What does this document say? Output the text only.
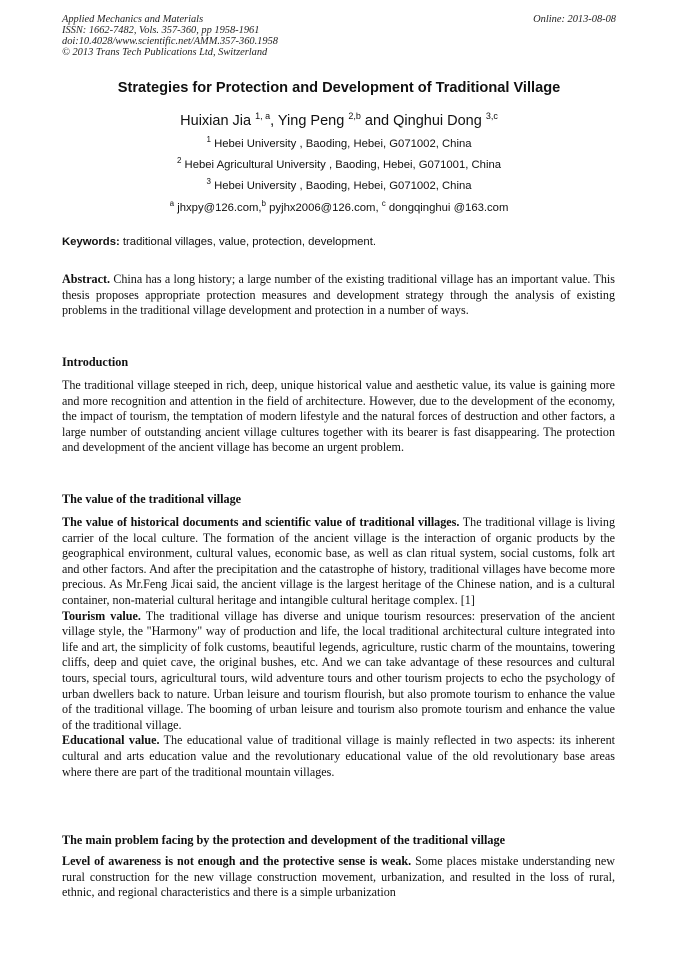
Applied Mechanics and Materials
ISSN: 1662-7482, Vols. 357-360, pp 1958-1961
doi:10.4028/www.scientific.net/AMM.357-360.1958
© 2013 Trans Tech Publications Ltd, Switzerland
Online: 2013-08-08
Strategies for Protection and Development of Traditional Village
Huixian Jia $^{1, a}$, Ying Peng $^{2,b}$ and Qinghui Dong $^{3,c}$
$^1$ Hebei University , Baoding, Hebei, G071002, China
$^2$ Hebei Agricultural University , Baoding, Hebei, G071001, China
$^3$ Hebei University , Baoding, Hebei, G071002, China
$^a$ jhxpy@126.com,$^b$ pyjhx2006@126.com, $^c$ dongqinghui @163.com
Keywords: traditional villages, value, protection, development.
Abstract. China has a long history; a large number of the existing traditional village has an important value. This thesis proposes appropriate protection measures and development strategy through the analysis of existing problems in the traditional village development and protection in a number of ways.
Introduction
The traditional village steeped in rich, deep, unique historical value and aesthetic value, its value is gaining more and more recognition and attention in the field of architecture. However, due to the development of the economy, the impact of tourism, the temptation of modern lifestyle and the natural forces of destruction and other factors, a large number of outstanding ancient village cultures together with its bearer is fast disappearing. The protection and development of the ancient village has become an urgent problem.
The value of the traditional village
The value of historical documents and scientific value of traditional villages. The traditional village is living carrier of the local culture. The formation of the ancient village is the interaction of organic products by the geographical environment, cultural values, economic base, as well as clan ritual system, social customs, folk art and other factors. And after the precipitation and the catastrophe of history, traditional villages have become more precious. As Mr.Feng Jicai said, the ancient village is the largest heritage of the Chinese nation, and is a cultural container, non-material cultural heritage and intangible cultural heritage complex. [1]
Tourism value. The traditional village has diverse and unique tourism resources: preservation of the ancient village style, the "Harmony" way of production and life, the local traditional architectural culture integrated into life and art, the simplicity of folk customs, beautiful legends, agriculture, rustic charm of the mountains, towering cliffs, deep and quiet cave, the original bushes, etc. And we can take advantage of these resources and cultural tours, special tours, agricultural tours, wild adventure tours and other tourism projects to echo the psychology of urban dwellers back to nature. Urban leisure and tourism flourish, but also promote tourism to enhance the value of the traditional village. The booming of urban leisure and tourism also promote tourism and enhance the value of the traditional village.
Educational value. The educational value of traditional village is mainly reflected in two aspects: its inherent cultural and arts education value and the revolutionary educational value of the old revolutionary base areas where there are part of the traditional mountain villages.
The main problem facing by the protection and development of the traditional village
Level of awareness is not enough and the protective sense is weak. Some places mistake understanding new rural construction for the new village construction movement, urbanization, and resulted in the loss of rural, ethnic, and regional characteristics and there is a simple urbanization
